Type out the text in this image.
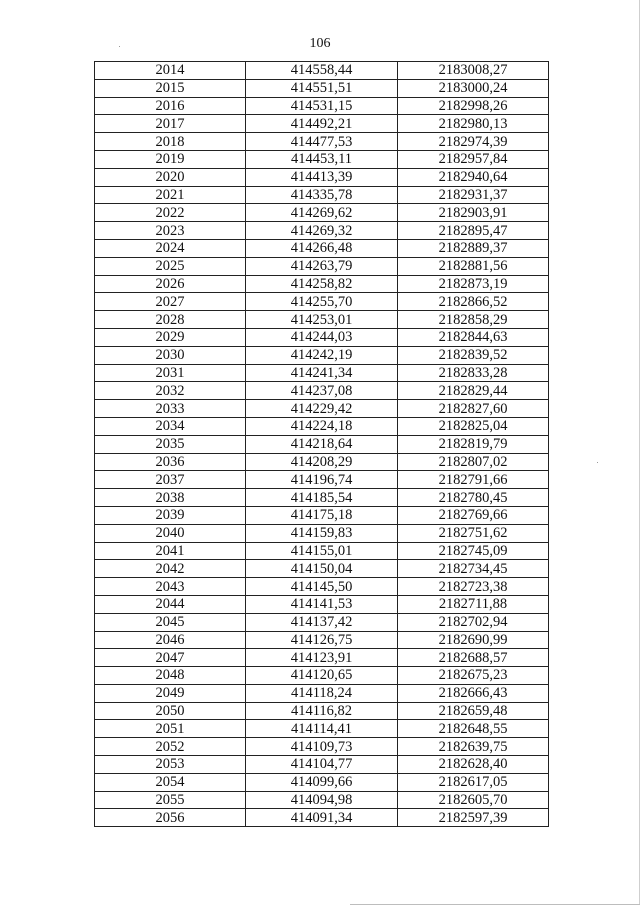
106
2014	414558,44	2183008,27
2015	414551,51	2183000,24
2016	414531,15	2182998,26
2017	414492,21	2182980,13
2018	414477,53	2182974,39
2019	414453,11	2182957,84
2020	414413,39	2182940,64
2021	414335,78	2182931,37
2022	414269,62	2182903,91
2023	414269,32	2182895,47
2024	414266,48	2182889,37
2025	414263,79	2182881,56
2026	414258,82	2182873,19
2027	414255,70	2182866,52
2028	414253,01	2182858,29
2029	414244,03	2182844,63
2030	414242,19	2182839,52
2031	414241,34	2182833,28
2032	414237,08	2182829,44
2033	414229,42	2182827,60
2034	414224,18	2182825,04
2035	414218,64	2182819,79
2036	414208,29	2182807,02
2037	414196,74	2182791,66
2038	414185,54	2182780,45
2039	414175,18	2182769,66
2040	414159,83	2182751,62
2041	414155,01	2182745,09
2042	414150,04	2182734,45
2043	414145,50	2182723,38
2044	414141,53	2182711,88
2045	414137,42	2182702,94
2046	414126,75	2182690,99
2047	414123,91	2182688,57
2048	414120,65	2182675,23
2049	414118,24	2182666,43
2050	414116,82	2182659,48
2051	414114,41	2182648,55
2052	414109,73	2182639,75
2053	414104,77	2182628,40
2054	414099,66	2182617,05
2055	414094,98	2182605,70
2056	414091,34	2182597,39
